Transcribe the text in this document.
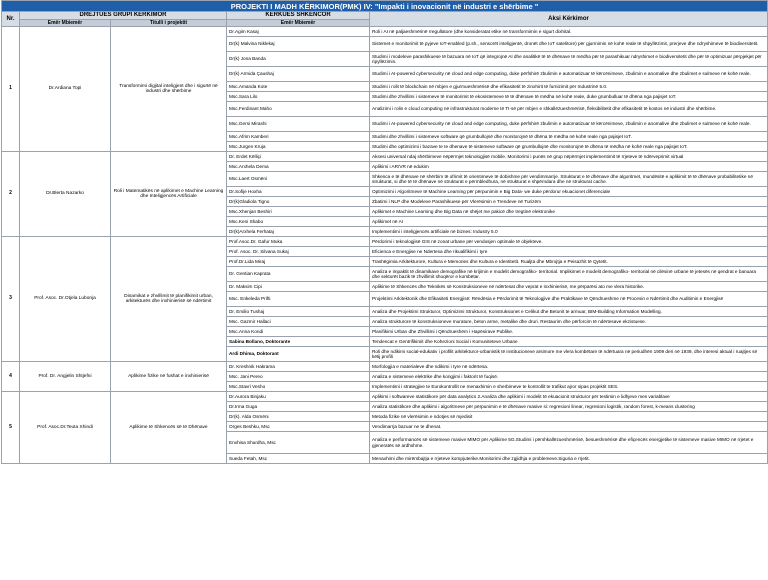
PROJEKTI I MADH KËRKIMOR(PMK) IV: "Impakti i inovacionit në industri e shërbime "				
Nr.	DREJTUES GRUPI KËRKIMOR		KËRKUES SHKENCOR	Aksi Kërkimor
	Emër Mbiemër	Titulli i projektit	Emër Mbiemër	
1	Dr.Ardiana Topi	Transformimi digjital inteligjent dhe i sigurtë në industri dhe shërbime	Dr.Agim Kasaj	Roli i AI në paljaeshmërinë rregullatore (dhe konsideratat etike në transformimin e sigurt dixhital.
			Dr(k) Malvina Niklekaj	Sistemet e monitorimit të pyjeve IoT-enabled (p.sh., sensorët inteligjentë, dronët dhe IoT satelitore) për gjurmimin në kohë reale të shpyllëzimit, prerjeve dhe ndryshimeve të biodiversitetit.
			Dr(k) Jona Banda	Studimi i modeleve parashikuese të bazuara në IoT që integrojnë AI dhe analitikë të të dhënave të mëdha për të parashikuar ndryshimet e biodiversitetit dhe për të optimizuar përpjekjet për ripyllëzimin.
			Dr(k) Armida Çaushaj	Studimi i AI-powered cybersecurity në cloud and edge computing, duke përfshirë zbulimin e automatizuar të kërcënimeve, zbulimin e anomalive dhe zbulimet e sulmeve në kohë reale.
			Msc.Amanda Kote	Studimi i rolit të blockchain në mbjen e gjurmueshmërisë dhe efikasitetit të zinxhirit të furnizimit për Industrinë 5.0.
			Msc.Sara Lilo	Studimi dhe zhvillimi i sistemeve të monitorimit të ekosistemeve të të dhënave të mëdha në kohë reale, duke grumbulluar të dhëna nga pajisjet IoT.
			Msc.Ferdinant Maho	Analizimi i rolin e cloud computing në infrastrukturat moderne të TI-së për mbjen e shkallëzueshmërisë, fleksibilitetit dhe efikasitetit të kostos në industri dhe shërbime.
			Msc.Gersi Mirashi	Studimi i AI-powered cybersecurity në cloud and edge computing, duke përfshirë zbulimin e automatizuar të kërcënimeve, zbulimin e anomalive dhe zbulimet e sulmeve në kohë reale.
			Msc.Afrim Kamberi	Studimi dhe zhvillimi i sistemeve software që grumbullojnë dhe monitorojnë të dhëna të mëdha në kohë reale nga pajisjet IoT.
			Msc.Jurgen Kruja	Studimi dhe optimizimi i bazave te te dhenave të sistemeve software që grumbullojnë dhe monitorojnë të dhëna të mëdha në kohë reale nga pajisjet IoT.
2	Dr.Blerta Nazarko	Roli i Matematikës në aplikimet e Machine Learning dhe Inteligjencës Artificiale	Dr. Erdet Këlliçi	Aksesi universal ndaj shërbimeve nëpërmjet teknologjisë mobile. Monitorimi i punës në grup nëpërmjet implementimit të rrjeteve të ndërveprimit virtual
			Msc.Arxhela Dema	Aplikimi i AR/VR në edukim
			Msc.Laert Osmëni	Shkenca e të dhënave në shërbim të ofrimit të orientimeve të dobishme për vendimmarrje. Strukturat e të dhënave dhe algoritmet, mundësitë e aplikimit të të dhënave probabilitetike në strukturat, si dhe të të dhënave në strukturat e përmbledhura, në strukturat e shpërndara dhe në strukturat cache.
			Dr.Sofije Hoxha	Optimizimi i Algoritmeve të Machine Learning për përpunimin e Big Data- we duke përdorur ekuacionet diferenciale
			Dr(k)Gladiola Tigno	Zbatimi i NLP dhe Modeleve Parashikuese për Vlerësimin e Trendeve në Turizëm
			Msc.Xhenjan Beshiri	Aplikimet e Machine Learning dhe Big Data në shëjet me pakicë dhe tregtinë elektronike
			Msc.Keni Shabo	Aplikimet në AI
			Dr(k)Arxhela Ferhataj	Implementimi i inteligjencës artificiale në biznes: Industry 5.0
3	Prof. Asoc. Dr.Otjela Lubonja	Dinamikat e zhvillimit të planifikimit urban, arkitekturës dhe inxhinierisë së ndërtimit	Prof.Asoc.Dr. Gafur Muka	Përdorimi i teknologjisë GIS në zonat urbane për vendosjen optimale të objekteve.
			Prof. Asoc. Dr. Silvana Sukaj	Eficienca e Energjise ne Ndertesa dhe rikualifikimi i tyre
			Prof.Dr.Lida Miraj	Trashëgimia Arkitekturore, Kultura e Memories dhe Kultura e Identitetit. Rualjta dhe Mbrojtja e Peisazhit të Qytetit.
			Dr. Gentian Kaprata	Analiza e impaktit të dinamikave demografike në krijimin e modelit demografiko- territorial. Implikimet e modelit demografiko- territorial në cilësinë urbane të jetesës në qendrat e banuara dhe sektorët bazik të zhvillimit shoqëror e kombëtar.
			Dr. Maksim Cipi	Aplikime të Shkencës dhe Teknikës së Konstruksioneve në ndërtesat dhe veprat e inxhinierisë, me përparësi ato me vlera historike.
			Msc. Enkeleda Prifti	Projektimi Arkitektonik dhe Efikasiteti Energjisë: Rëndësia e Përdorimit të Teknologjive dhe Praktikave të Qëndrueshme në Procesin e Ndërtimit dhe Auditimin e Energjisë
			Dr. Ersilio Tushaj	Analiza dhe Projektimi Strukturor, Optimizimi Strukturor, Konstruksionet e Celikut dhe Betonit te armuar, BIM-Building Information Modelling.
			Msc. Gazmir Hallaci	Analiza strukturore të konstruksioneve murature, beton arme, metalike dhe druri. Restaurim dhe përforcim të ndërtesave ekzistuese.
			Msc.Anna Kondi	Planifikimi Urban dhe Zhvillimi i Qëndrueshëm i Hapësirave Publike.
			Sabina Bollano, Doktorante	Tendencat e Gentrifikimit dhe Kohezioni Social i Komuniteteve Urbane
			Ardi Dhima, Doktorant	Roli dhe ndikimi social-edukativ i profilit arkitekturor-urbanistik të institucioneve arsimore me vlera kombëtare të ndërtuara në periudhën 1909 deri në 1939, dhe interesi aktual i ruajtjes së këtij profili
4	Prof. Dr. Angjelin Shtjefni	Aplikime fizike në fushat e inxhinierisë	Dr. Kreshnik Hakrama	Morfologjia e materialeve dhe ndikimi i tyre në ndërtesa.
			Msc. Jani Pereo	Analiza e sistemeve elektrike dhe kongjimi i faktorit të fuqisë.
			Msc.Stavri Vesho	Implementimi i strategjive te Eurokontrollit ne menaxhimin e sherbimeve te kontrollit te trafikut ajror sipas projektit SES.
5	Prof. Asoc.Dr.Teuta Xhindi	Aplikime të Shkencës së të Dhënave	Dr.Aurora Binjaku	Aplikimi i softwareve statistikore për data analytics 2.Analiza dhe aplikimi i modelit të ekuacionit strukturor për testimin e lidhjeve mes variablave
			Dr.Irma Guga	Analiza statistikore dhe aplikimi i algoritmeve për përpunimin e të dhënave masive si: regresioni linear, regresioni logistik, random forest, k-means clustering
			Dr(k). Alda Osmëni	Metoda fizike në vlerësimin e ndotjes së mjedisit
			Orges Beshku, Msc	Vendimarrja bazuar ne te dhenat.
			Enxhisa Shurdha, Msc	Analiza e performancës së sistemeve masive MIMO për Aplikime 5G.Studimi i përshkallëzueshmërisë, besueshmërisë dhe efiçencës energjetike të sistemeve masive MIMO në rrjetet e gjeneratës së ardhshme.
			Sueda Fetah, Msc	Menaxhimi dhe mirëmbajtja e rrjeteve kompjuterike.Monitorimi dhe zgjidhja e problemeve.Siguria e rrjetit.
